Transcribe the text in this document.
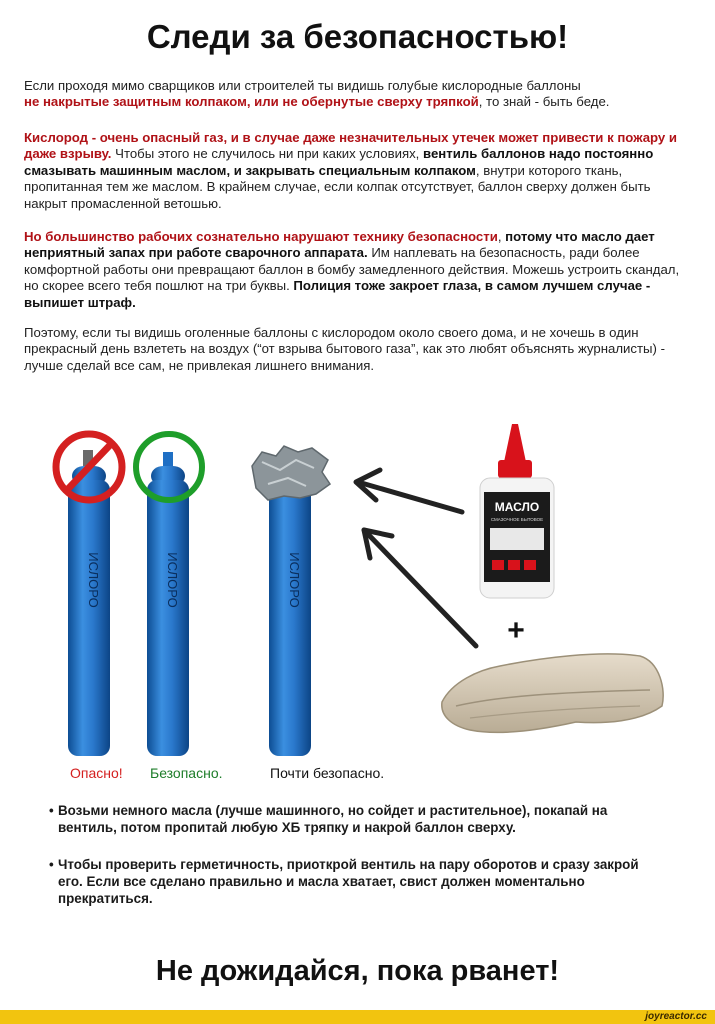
Следи за безопасностью!
Если проходя мимо сварщиков или строителей ты видишь голубые кислородные баллоны
не накрытые защитным колпаком, или не обернутые сверху тряпкой, то знай - быть беде.
Кислород - очень опасный газ, и в случае даже незначительных утечек может привести к пожару и даже взрыву. Чтобы этого не случилось ни при каких условиях, вентиль баллонов надо постоянно смазывать машинным маслом, и закрывать специальным колпаком, внутри которого ткань, пропитанная тем же маслом. В крайнем случае, если колпак отсутствует, баллон сверху должен быть накрыт промасленной ветошью.
Но большинство рабочих сознательно нарушают технику безопасности, потому что масло дает неприятный запах при работе сварочного аппарата. Им наплевать на безопасность, ради более комфортной работы они превращают баллон в бомбу замедленного действия. Можешь устроить скандал, но скорее всего тебя пошлют на три буквы. Полиция тоже закроет глаза, в самом лучшем случае - выпишет штраф.
Поэтому, если ты видишь оголенные баллоны с кислородом около своего дома, и не хочешь в один прекрасный день взлететь на воздух (“от взрыва бытового газа”, как это любят объяснять журналисты) - лучше сделай все сам, не привлекая лишнего внимания.
ИСЛОРО	ИСЛОРО	ИСЛОРО
МАСЛО
СМАЗОЧНОЕ БЫТОВОЕ
+
Опасно! Безопасно.	Почти безопасно.
• Возьми немного масла (лучше машинного, но сойдет и растительное), покапай на вентиль, потом пропитай любую ХБ тряпку и накрой баллон сверху.
• Чтобы проверить герметичность, приоткрой вентиль на пару оборотов и сразу закрой его. Если все сделано правильно и масла хватает, свист должен моментально прекратиться.
Не дожидайся, пока рванет!
joyreactor.cc
